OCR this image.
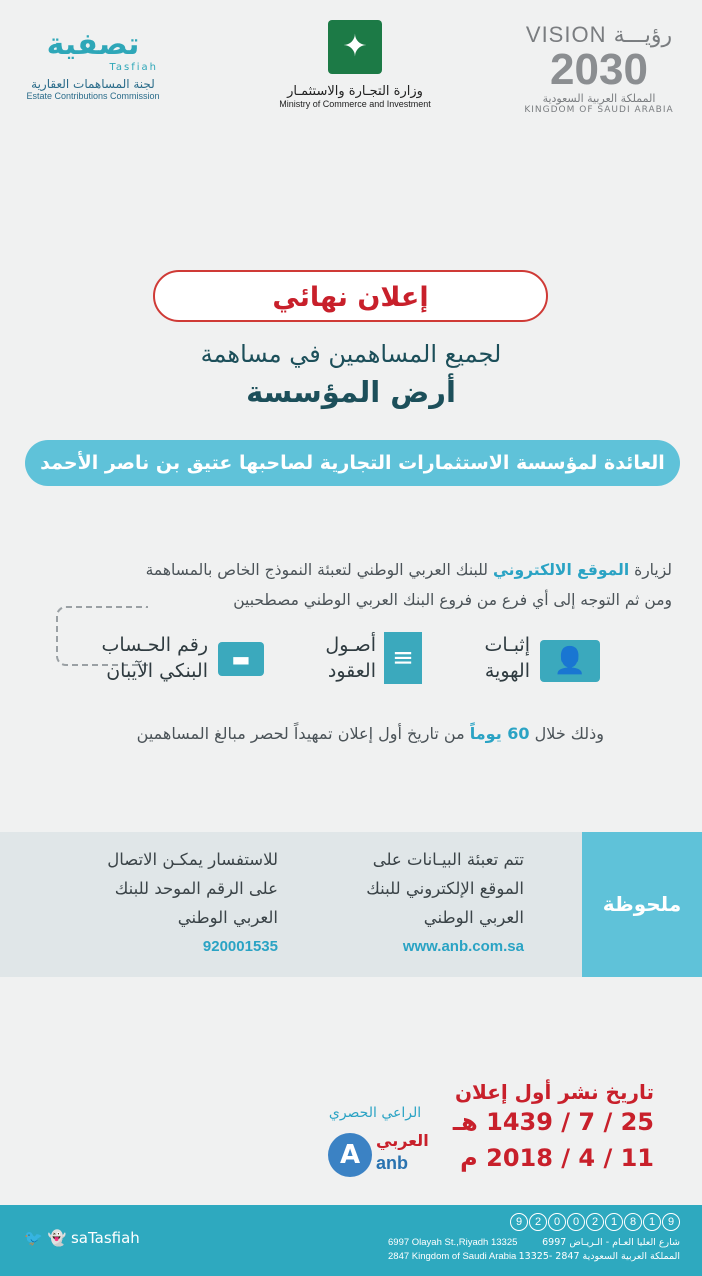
VISION رؤيـــة
2030
المملكة العربية السعودية
KINGDOM OF SAUDI ARABIA
✦
وزارة التجـارة والاستثمـار
Ministry of Commerce and Investment
تصفية
Tasfiah
لجنة المساهمات العقارية
Estate Contributions Commission
إعلان نهائي
لجميع المساهمين في مساهمة
أرض المؤسسة
العائدة لمؤسسة الاستثمارات التجارية لصاحبها عتيق بن ناصر الأحمد
لزيارة الموقع الالكتروني للبنك العربي الوطني لتعبئة النموذج الخاص بالمساهمة
ومن ثم التوجه إلى أي فرع من فروع البنك العربي الوطني مصطحبين
👤
إثبـات
الهوية
≡
أصـول
العقود
▬
رقم الحـساب
البنكي الآيبان
وذلك خلال 60 يوماً من تاريخ أول إعلان تمهيداً لحصر مبالغ المساهمين
ملحوظة
تتم تعبئة البيـانات على
الموقع الإلكتروني للبنك
العربي الوطني
www.anb.com.sa
للاستفسار يمكـن الاتصال
على الرقم الموحد للبنك
العربي الوطني
920001535
تاريخ نشر أول إعلان
25 / 7 / 1439 هـ
11 / 4 / 2018 م
الراعي الحصري
A العربي
anb
🐦 👻 saTasfiah
9 2 0 0 2 1 8 1 9
6997 Olayah St.,Riyadh 13325
2847 Kingdom of Saudi Arabia
6997 شارع العليا العـام - الـريـاض
13325- 2847 المملكة العربية السعودية
